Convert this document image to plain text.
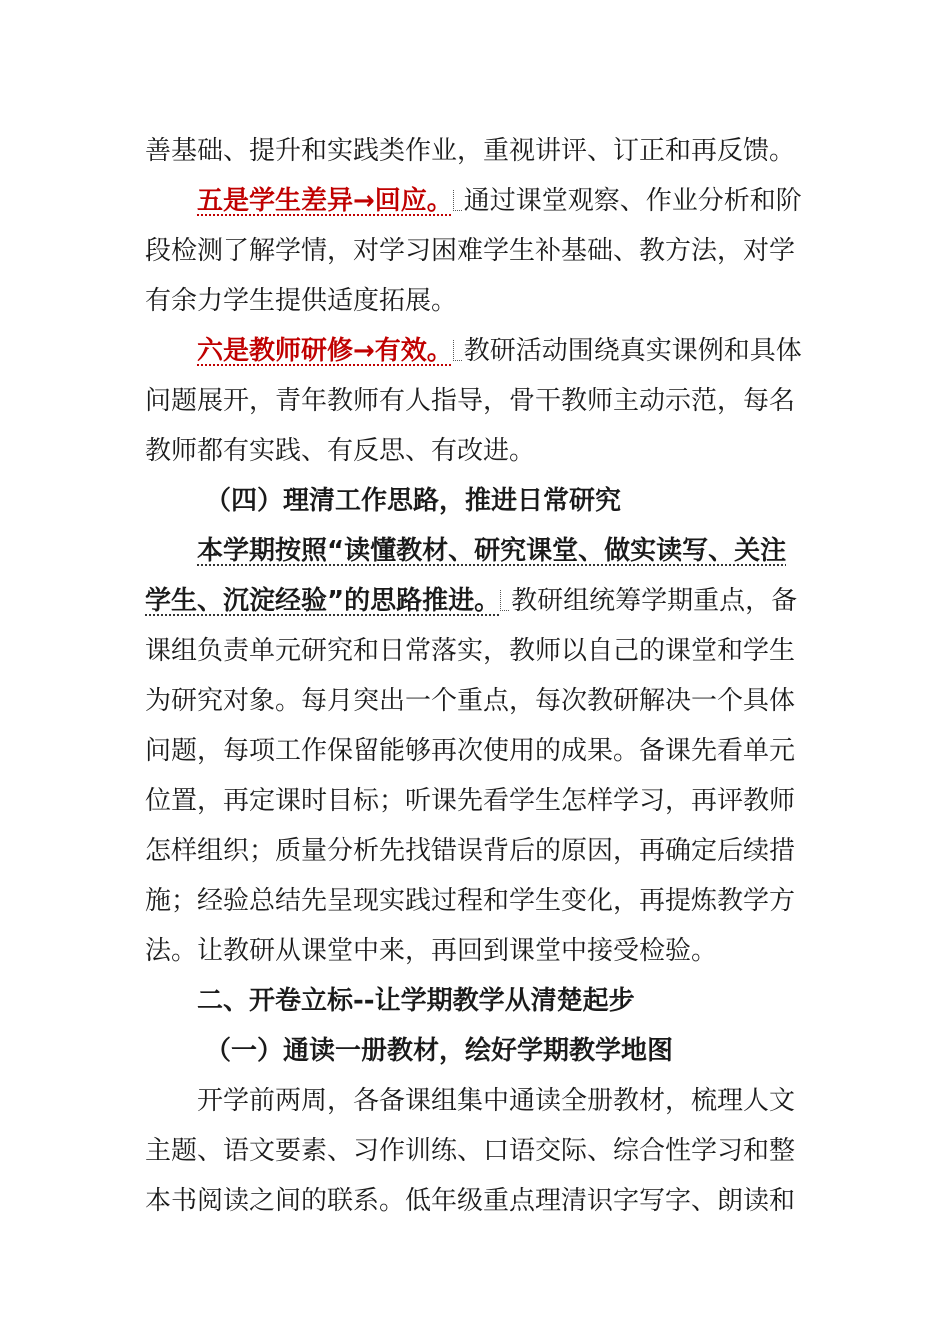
善基础、提升和实践类作业，重视讲评、订正和再反馈。
五是学生差异→回应。 通过课堂观察、作业分析和阶
段检测了解学情，对学习困难学生补基础、教方法，对学
有余力学生提供适度拓展。
六是教师研修→有效。 教研活动围绕真实课例和具体
问题展开，青年教师有人指导，骨干教师主动示范，每名
教师都有实践、有反思、有改进。
（四）理清工作思路，推进日常研究
本学期按照“读懂教材、研究课堂、做实读写、关注
学生、沉淀经验”的思路推进。 教研组统筹学期重点，备
课组负责单元研究和日常落实，教师以自己的课堂和学生
为研究对象。每月突出一个重点，每次教研解决一个具体
问题，每项工作保留能够再次使用的成果。备课先看单元
位置，再定课时目标；听课先看学生怎样学习，再评教师
怎样组织；质量分析先找错误背后的原因，再确定后续措
施；经验总结先呈现实践过程和学生变化，再提炼教学方
法。让教研从课堂中来，再回到课堂中接受检验。
二、开卷立标--让学期教学从清楚起步
（一）通读一册教材，绘好学期教学地图
开学前两周，各备课组集中通读全册教材，梳理人文
主题、语文要素、习作训练、口语交际、综合性学习和整
本书阅读之间的联系。低年级重点理清识字写字、朗读和
